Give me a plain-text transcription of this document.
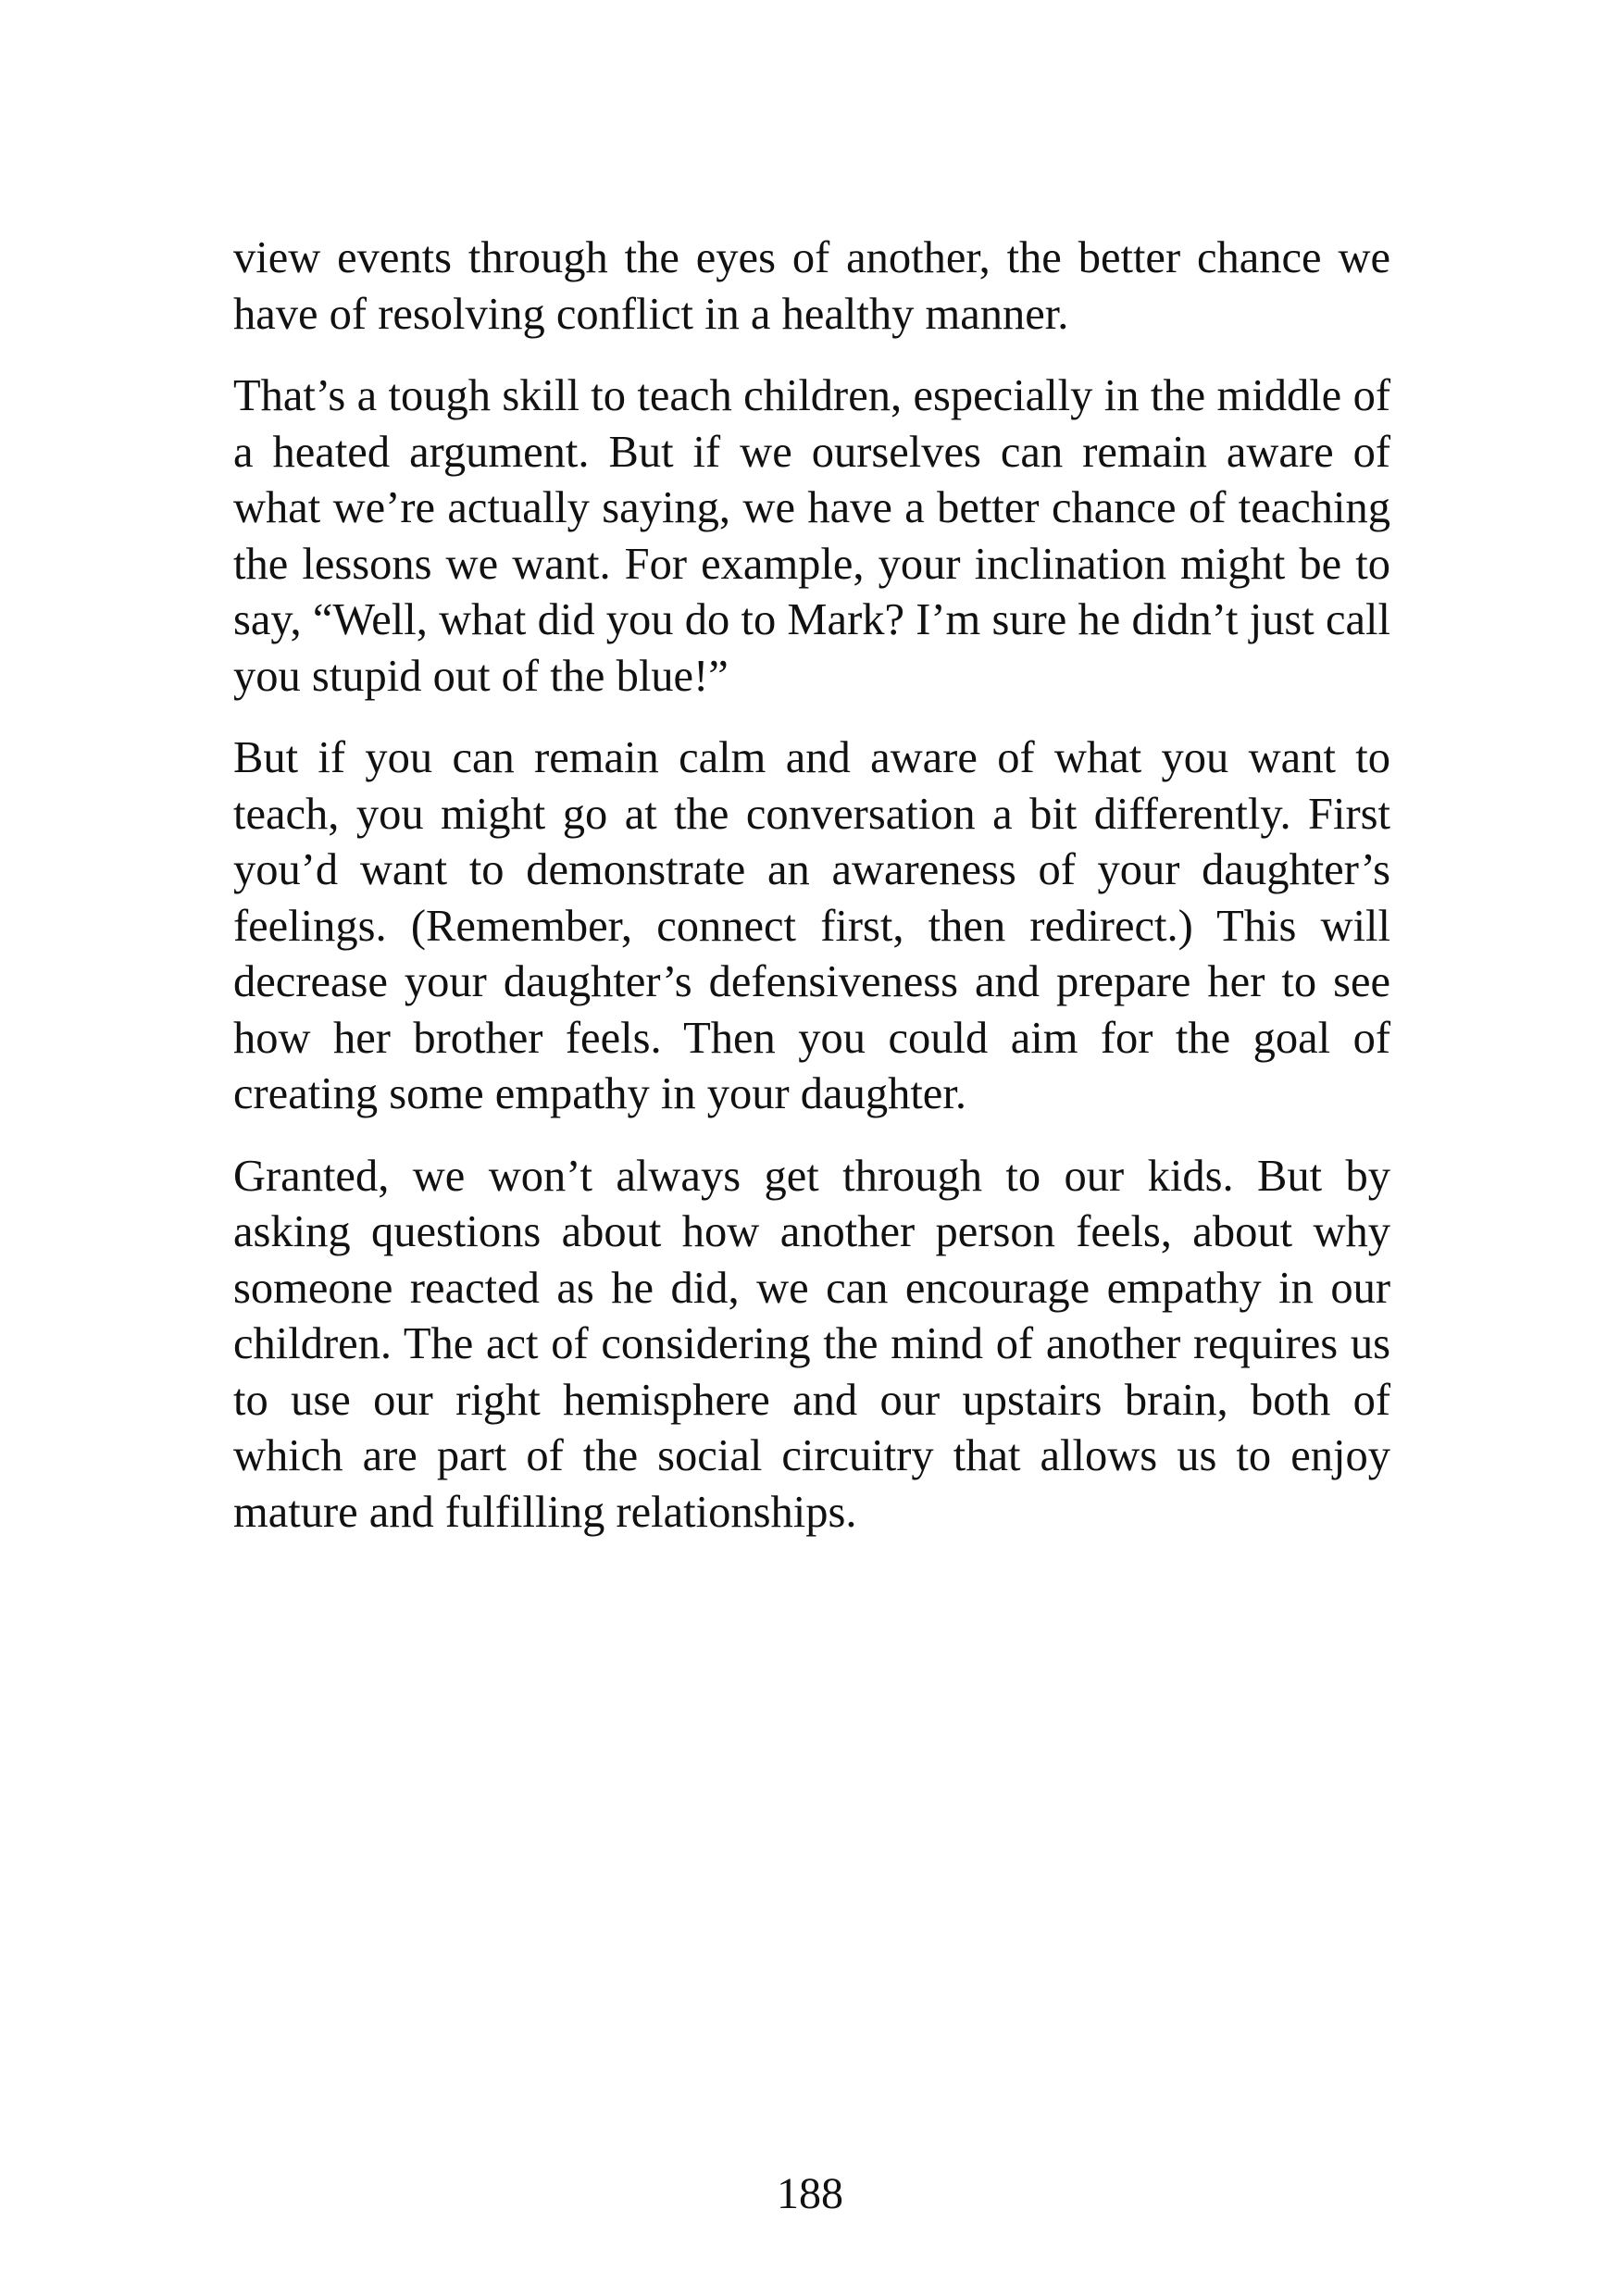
view events through the eyes of another, the better chance we have of resolving conflict in a healthy manner.

That’s a tough skill to teach children, especially in the middle of a heated argument. But if we ourselves can remain aware of what we’re actually saying, we have a better chance of teaching the lessons we want. For example, your inclination might be to say, “Well, what did you do to Mark? I’m sure he didn’t just call you stupid out of the blue!”

But if you can remain calm and aware of what you want to teach, you might go at the conversation a bit differently. First you’d want to demonstrate an awareness of your daughter’s feelings. (Remember, connect first, then redirect.) This will decrease your daughter’s defensiveness and prepare her to see how her brother feels. Then you could aim for the goal of creating some empathy in your daughter.

Granted, we won’t always get through to our kids. But by asking questions about how another person feels, about why someone reacted as he did, we can encourage empathy in our children. The act of considering the mind of another requires us to use our right hemisphere and our upstairs brain, both of which are part of the social circuitry that allows us to enjoy mature and fulfilling relationships.

188
